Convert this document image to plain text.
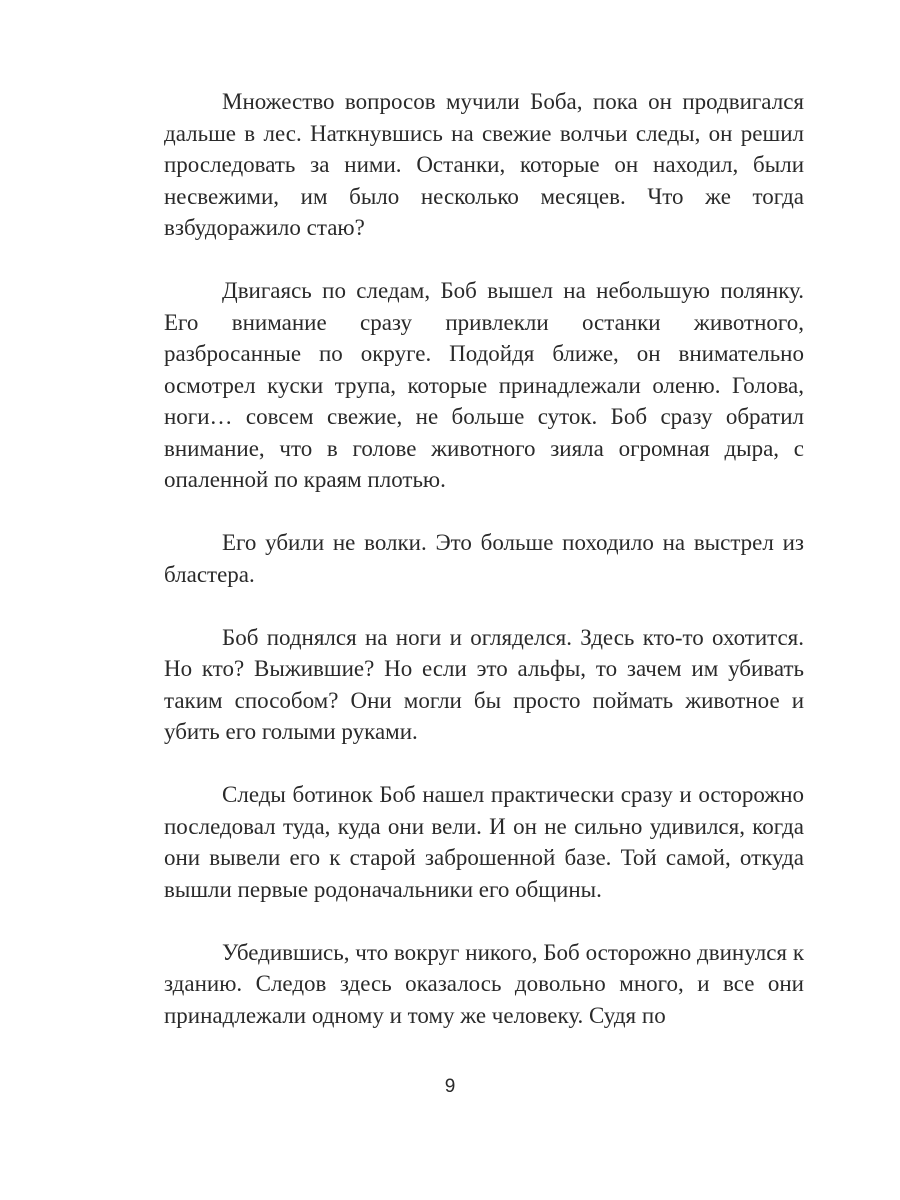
Множество вопросов мучили Боба, пока он продвигался дальше в лес. Наткнувшись на свежие волчьи следы, он решил проследовать за ними. Останки, которые он находил, были несвежими, им было несколько месяцев. Что же тогда взбудоражило стаю?

Двигаясь по следам, Боб вышел на небольшую полянку. Его внимание сразу привлекли останки животного, разбросанные по округе. Подойдя ближе, он внимательно осмотрел куски трупа, которые принадлежали оленю. Голова, ноги… совсем свежие, не больше суток. Боб сразу обратил внимание, что в голове животного зияла огромная дыра, с опаленной по краям плотью.

Его убили не волки. Это больше походило на выстрел из бластера.

Боб поднялся на ноги и огляделся. Здесь кто-то охотится. Но кто? Выжившие? Но если это альфы, то зачем им убивать таким способом? Они могли бы просто поймать животное и убить его голыми руками.

Следы ботинок Боб нашел практически сразу и осторожно последовал туда, куда они вели. И он не сильно удивился, когда они вывели его к старой заброшенной базе. Той самой, откуда вышли первые родоначальники его общины.

Убедившись, что вокруг никого, Боб осторожно двинулся к зданию. Следов здесь оказалось довольно много, и все они принадлежали одному и тому же человеку. Судя по

9
